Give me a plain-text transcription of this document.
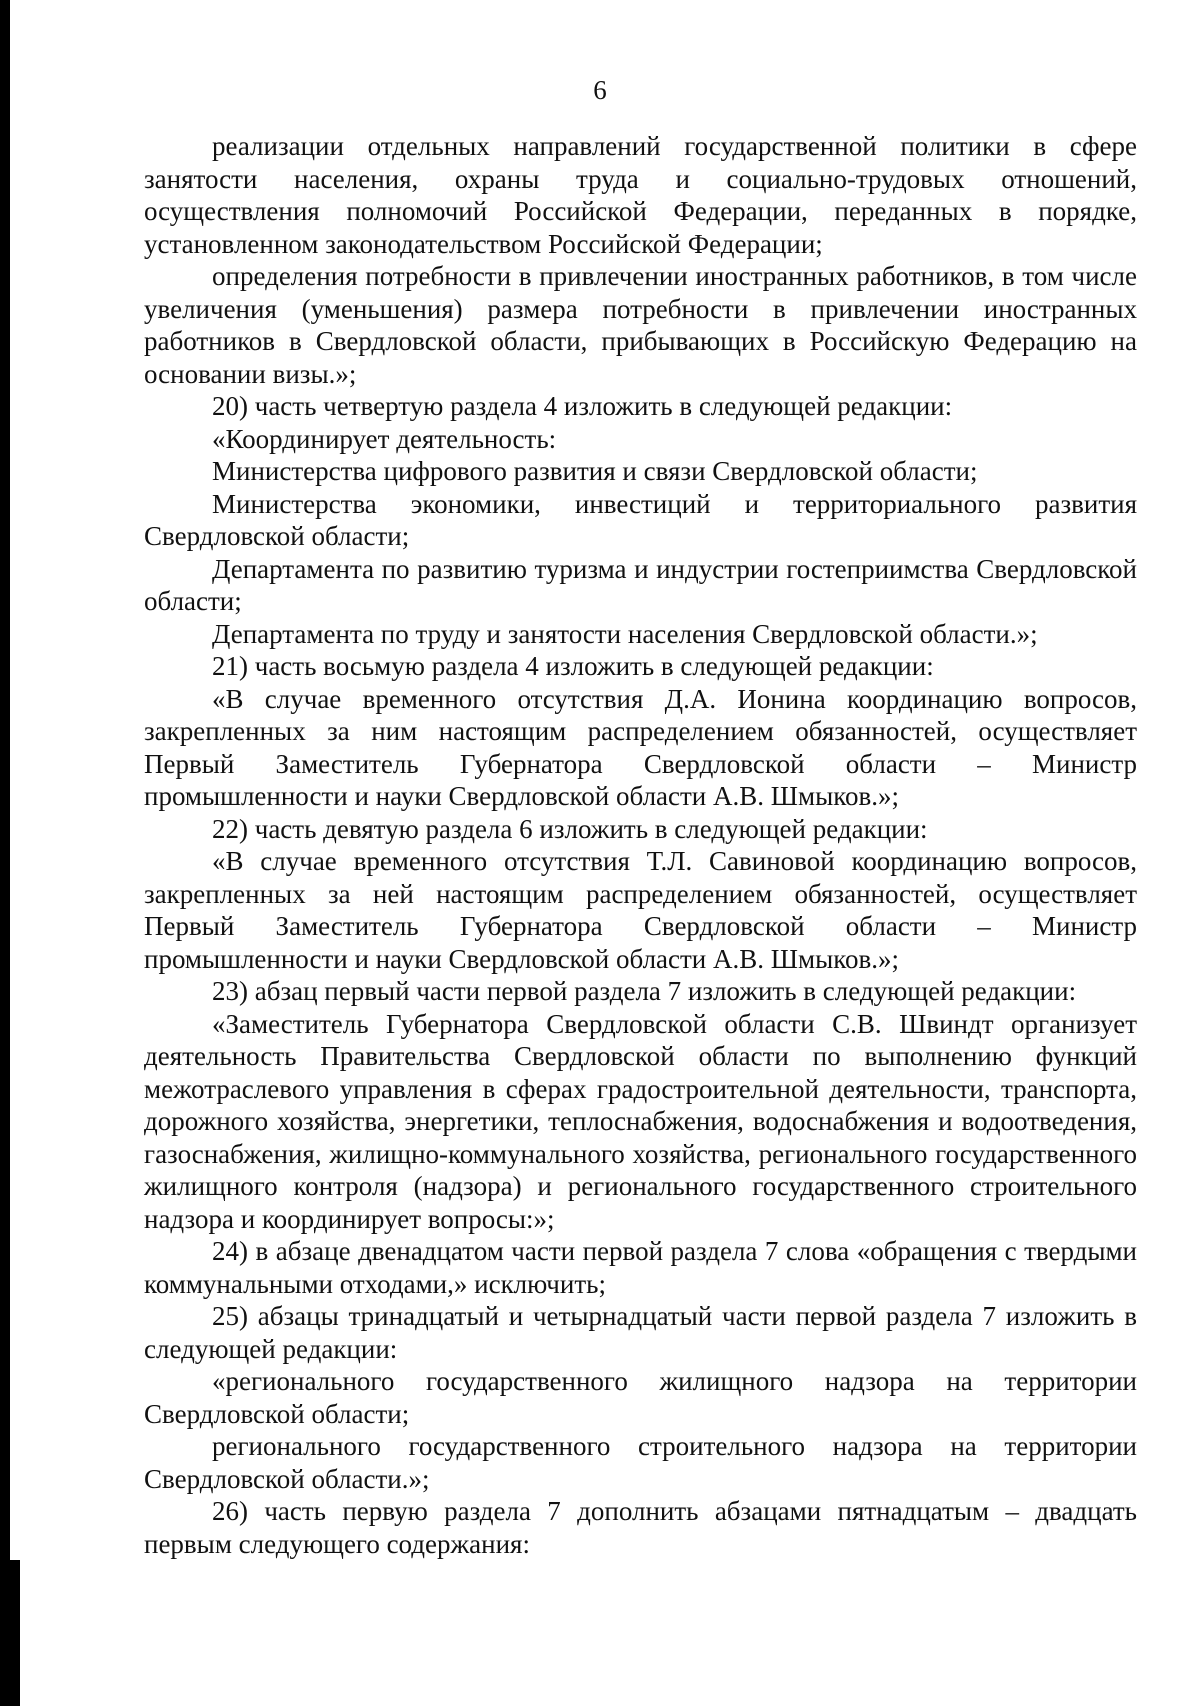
6

реализации отдельных направлений государственной политики в сфере занятости населения, охраны труда и социально-трудовых отношений, осуществления полномочий Российской Федерации, переданных в порядке, установленном законодательством Российской Федерации;

определения потребности в привлечении иностранных работников, в том числе увеличения (уменьшения) размера потребности в привлечении иностранных работников в Свердловской области, прибывающих в Российскую Федерацию на основании визы.»;

20) часть четвертую раздела 4 изложить в следующей редакции:

«Координирует деятельность:

Министерства цифрового развития и связи Свердловской области;

Министерства экономики, инвестиций и территориального развития Свердловской области;

Департамента по развитию туризма и индустрии гостеприимства Свердловской области;

Департамента по труду и занятости населения Свердловской области.»;

21) часть восьмую раздела 4 изложить в следующей редакции:

«В случае временного отсутствия Д.А. Ионина координацию вопросов, закрепленных за ним настоящим распределением обязанностей, осуществляет Первый Заместитель Губернатора Свердловской области – Министр промышленности и науки Свердловской области А.В. Шмыков.»;

22) часть девятую раздела 6 изложить в следующей редакции:

«В случае временного отсутствия Т.Л. Савиновой координацию вопросов, закрепленных за ней настоящим распределением обязанностей, осуществляет Первый Заместитель Губернатора Свердловской области – Министр промышленности и науки Свердловской области А.В. Шмыков.»;

23) абзац первый части первой раздела 7 изложить в следующей редакции:

«Заместитель Губернатора Свердловской области С.В. Швиндт организует деятельность Правительства Свердловской области по выполнению функций межотраслевого управления в сферах градостроительной деятельности, транспорта, дорожного хозяйства, энергетики, теплоснабжения, водоснабжения и водоотведения, газоснабжения, жилищно-коммунального хозяйства, регионального государственного жилищного контроля (надзора) и регионального государственного строительного надзора и координирует вопросы:»;

24) в абзаце двенадцатом части первой раздела 7 слова «обращения с твердыми коммунальными отходами,» исключить;

25) абзацы тринадцатый и четырнадцатый части первой раздела 7 изложить в следующей редакции:

«регионального государственного жилищного надзора на территории Свердловской области;

регионального государственного строительного надзора на территории Свердловской области.»;

26) часть первую раздела 7 дополнить абзацами пятнадцатым – двадцать первым следующего содержания:
